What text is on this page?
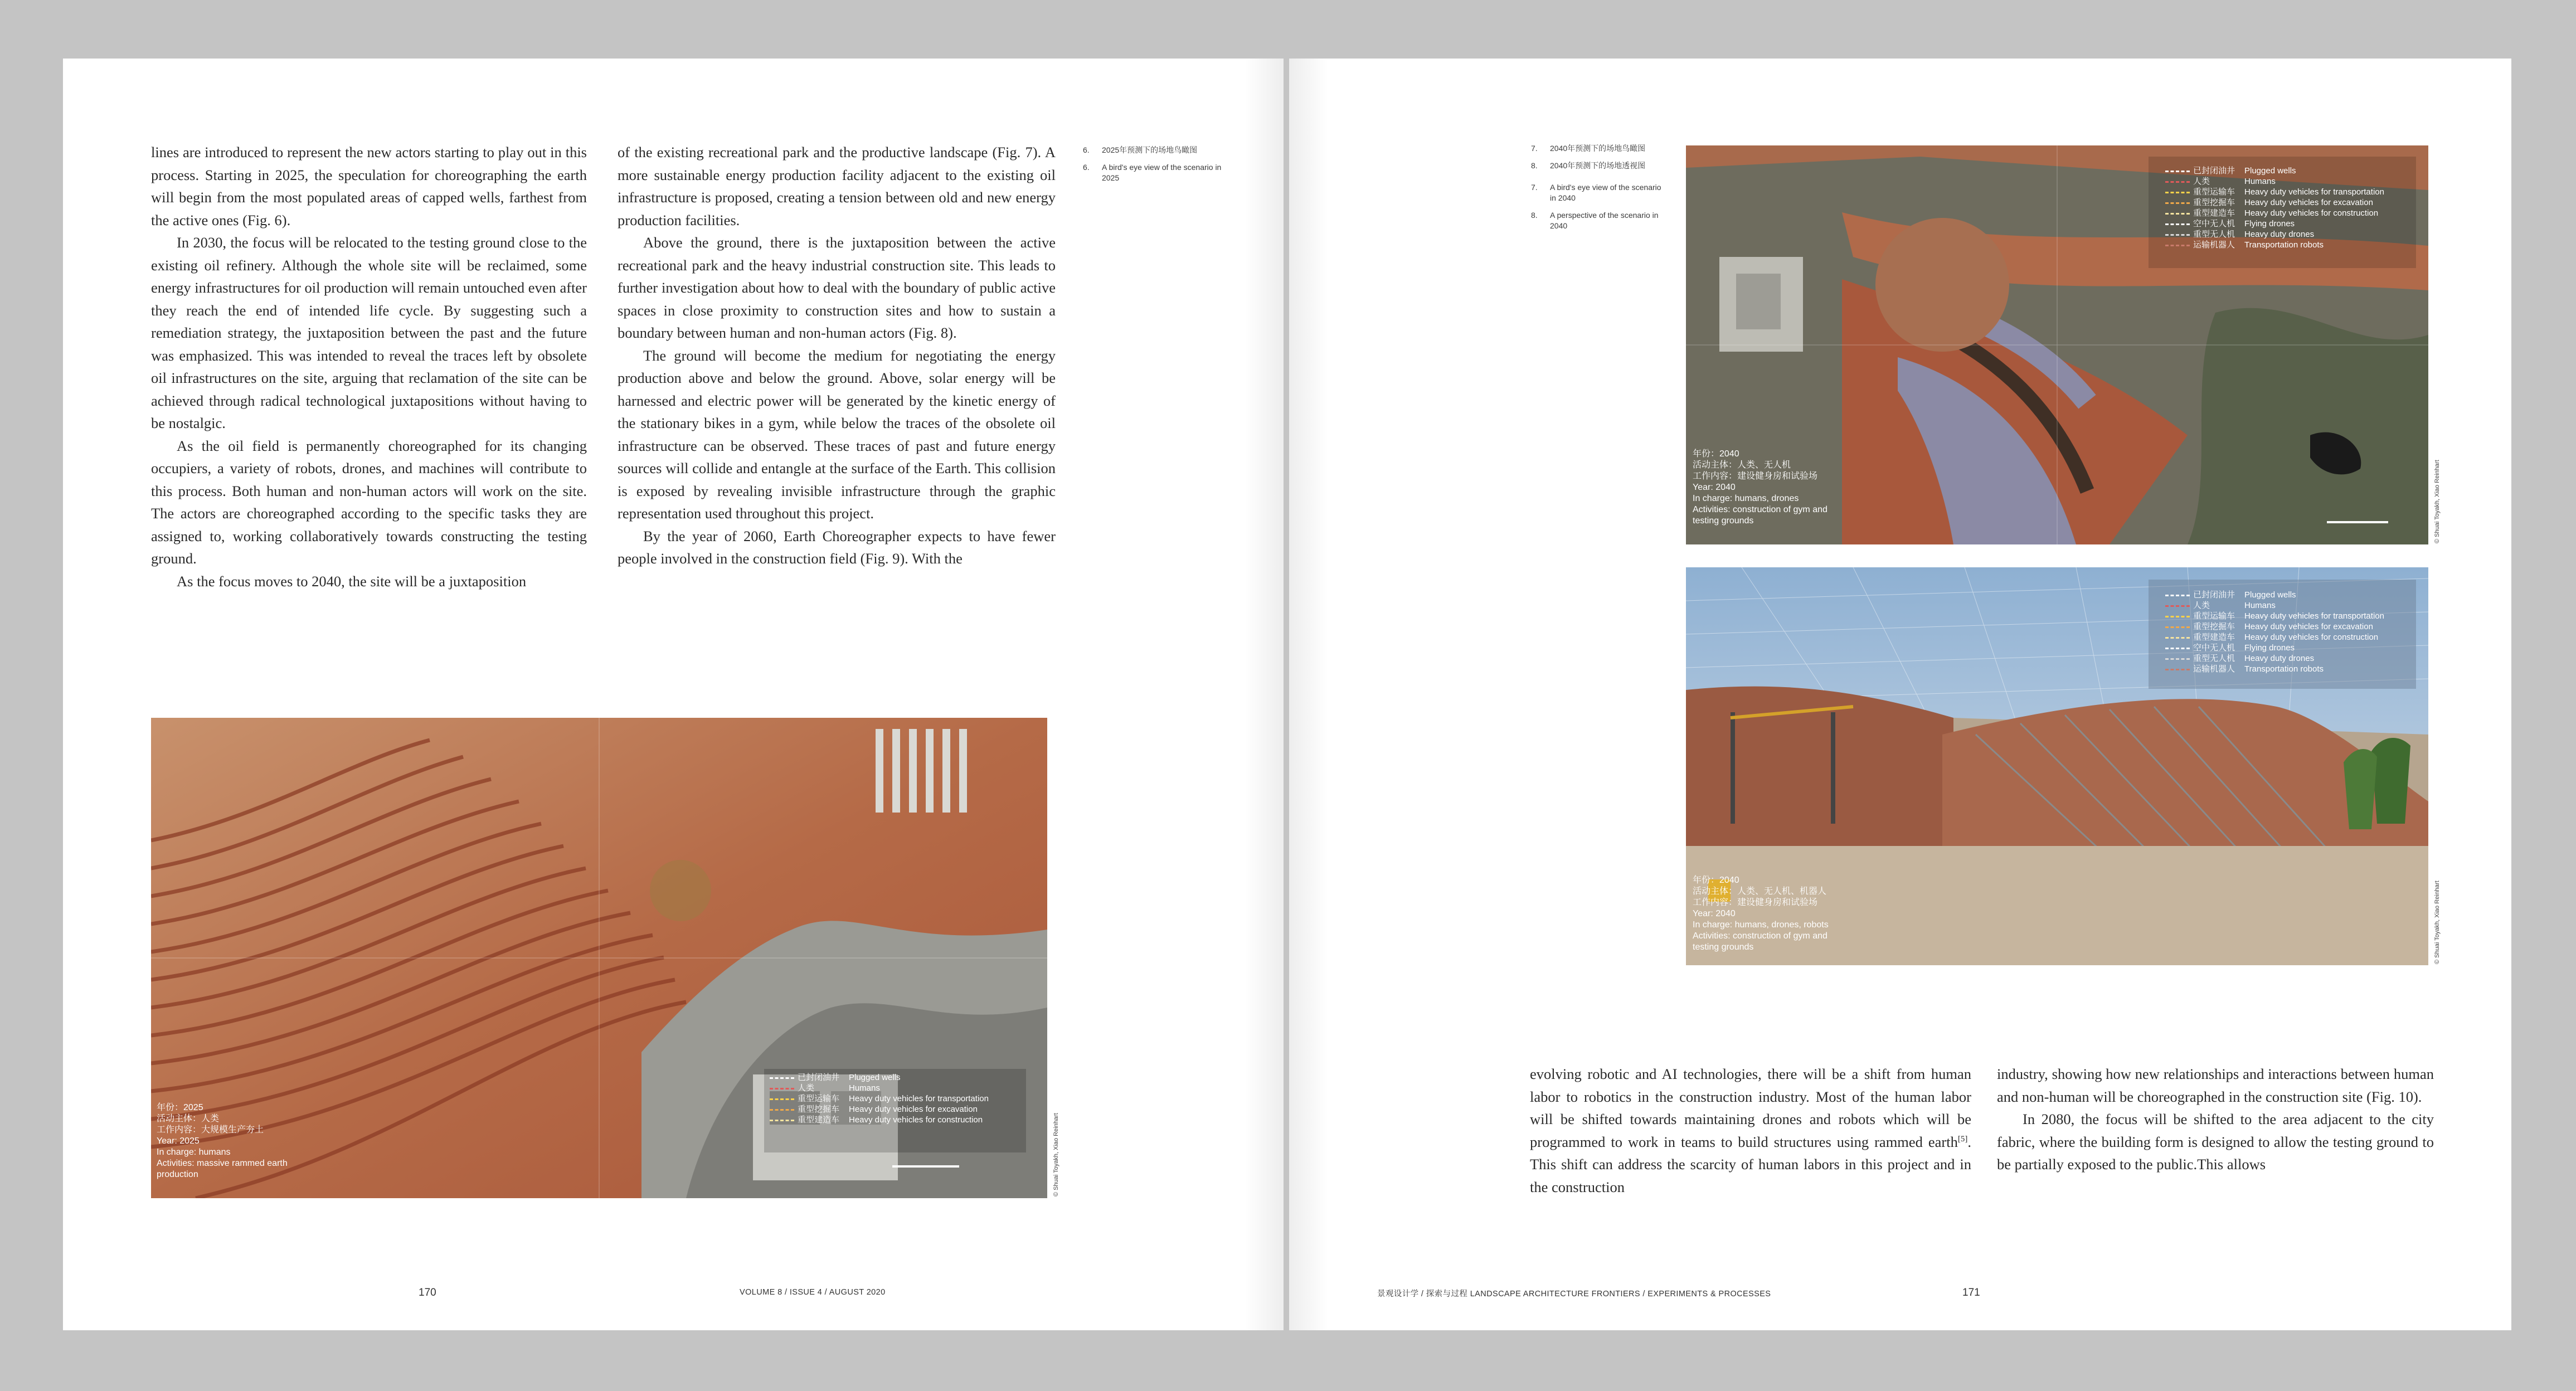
lines are introduced to represent the new actors starting to play out in this process. Starting in 2025, the speculation for choreographing the earth will begin from the most populated areas of capped wells, farthest from the active ones (Fig. 6).

In 2030, the focus will be relocated to the testing ground close to the existing oil refinery. Although the whole site will be reclaimed, some energy infrastructures for oil production will remain untouched even after they reach the end of intended life cycle. By suggesting such a remediation strategy, the juxtaposition between the past and the future was emphasized. This was intended to reveal the traces left by obsolete oil infrastructures on the site, arguing that reclamation of the site can be achieved through radical technological juxtapositions without having to be nostalgic.

As the oil field is permanently choreographed for its changing occupiers, a variety of robots, drones, and machines will contribute to this process. Both human and non-human actors will work on the site. The actors are choreographed according to the specific tasks they are assigned to, working collaboratively towards constructing the testing ground.

As the focus moves to 2040, the site will be a juxtaposition

of the existing recreational park and the productive landscape (Fig. 7). A more sustainable energy production facility adjacent to the existing oil infrastructure is proposed, creating a tension between old and new energy production facilities.

Above the ground, there is the juxtaposition between the active recreational park and the heavy industrial construction site. This leads to further investigation about how to deal with the boundary of public active spaces in close proximity to construction sites and how to sustain a boundary between human and non-human actors (Fig. 8).

The ground will become the medium for negotiating the energy production above and below the ground. Above, solar energy will be harnessed and electric power will be generated by the kinetic energy of the stationary bikes in a gym, while below the traces of the obsolete oil infrastructure can be observed. These traces of past and future energy sources will collide and entangle at the surface of the Earth. This collision is exposed by revealing invisible infrastructure through the graphic representation used throughout this project.

By the year of 2060, Earth Choreographer expects to have fewer people involved in the construction field (Fig. 9). With the

6.	2025年预测下的场地鸟瞰图
6.	A bird's eye view of the scenario in 2025
年份：2025
活动主体：人类
工作内容：大规模生产夯土
Year: 2025
In charge: humans
Activities: massive rammed earth
production
已封闭油井	Plugged wells
人类	Humans
重型运输车	Heavy duty vehicles for transportation
重型挖掘车	Heavy duty vehicles for excavation
重型建造车	Heavy duty vehicles for construction	© Shuai Toyakh, Xiao Reinhart
170	VOLUME 8 / ISSUE 4 / AUGUST 2020
7.	2040年预测下的场地鸟瞰图
8.	2040年预测下的场地透视图
7.	A bird's eye view of the scenario in 2040
8.	A perspective of the scenario in 2040
已封闭油井	Plugged wells
人类	Humans
重型运输车	Heavy duty vehicles for transportation
重型挖掘车	Heavy duty vehicles for excavation
重型建造车	Heavy duty vehicles for construction
空中无人机	Flying drones
重型无人机	Heavy duty drones
运输机器人	Transportation robots
年份：2040
活动主体：人类、无人机
工作内容：建设健身房和试验场
Year: 2040
In charge: humans, drones
Activities: construction of gym and
testing grounds	© Shuai Toyakh, Xiao Reinhart
已封闭油井	Plugged wells
人类	Humans
重型运输车	Heavy duty vehicles for transportation
重型挖掘车	Heavy duty vehicles for excavation
重型建造车	Heavy duty vehicles for construction
空中无人机	Flying drones
重型无人机	Heavy duty drones
运输机器人	Transportation robots
年份：2040
活动主体：人类、无人机、机器人
工作内容：建设健身房和试验场
Year: 2040
In charge: humans, drones, robots
Activities: construction of gym and
testing grounds	© Shuai Toyakh, Xiao Reinhart

evolving robotic and AI technologies, there will be a shift from human labor to robotics in the construction industry. Most of the human labor will be shifted towards maintaining drones and robots which will be programmed to work in teams to build structures using rammed earth[5]. This shift can address the scarcity of human labors in this project and in the construction

industry, showing how new relationships and interactions between human and non-human will be choreographed in the construction site (Fig. 10).

In 2080, the focus will be shifted to the area adjacent to the city fabric, where the building form is designed to allow the testing ground to be partially exposed to the public.This allows

景观设计学 / 探索与过程 LANDSCAPE ARCHITECTURE FRONTIERS / EXPERIMENTS & PROCESSES	171
